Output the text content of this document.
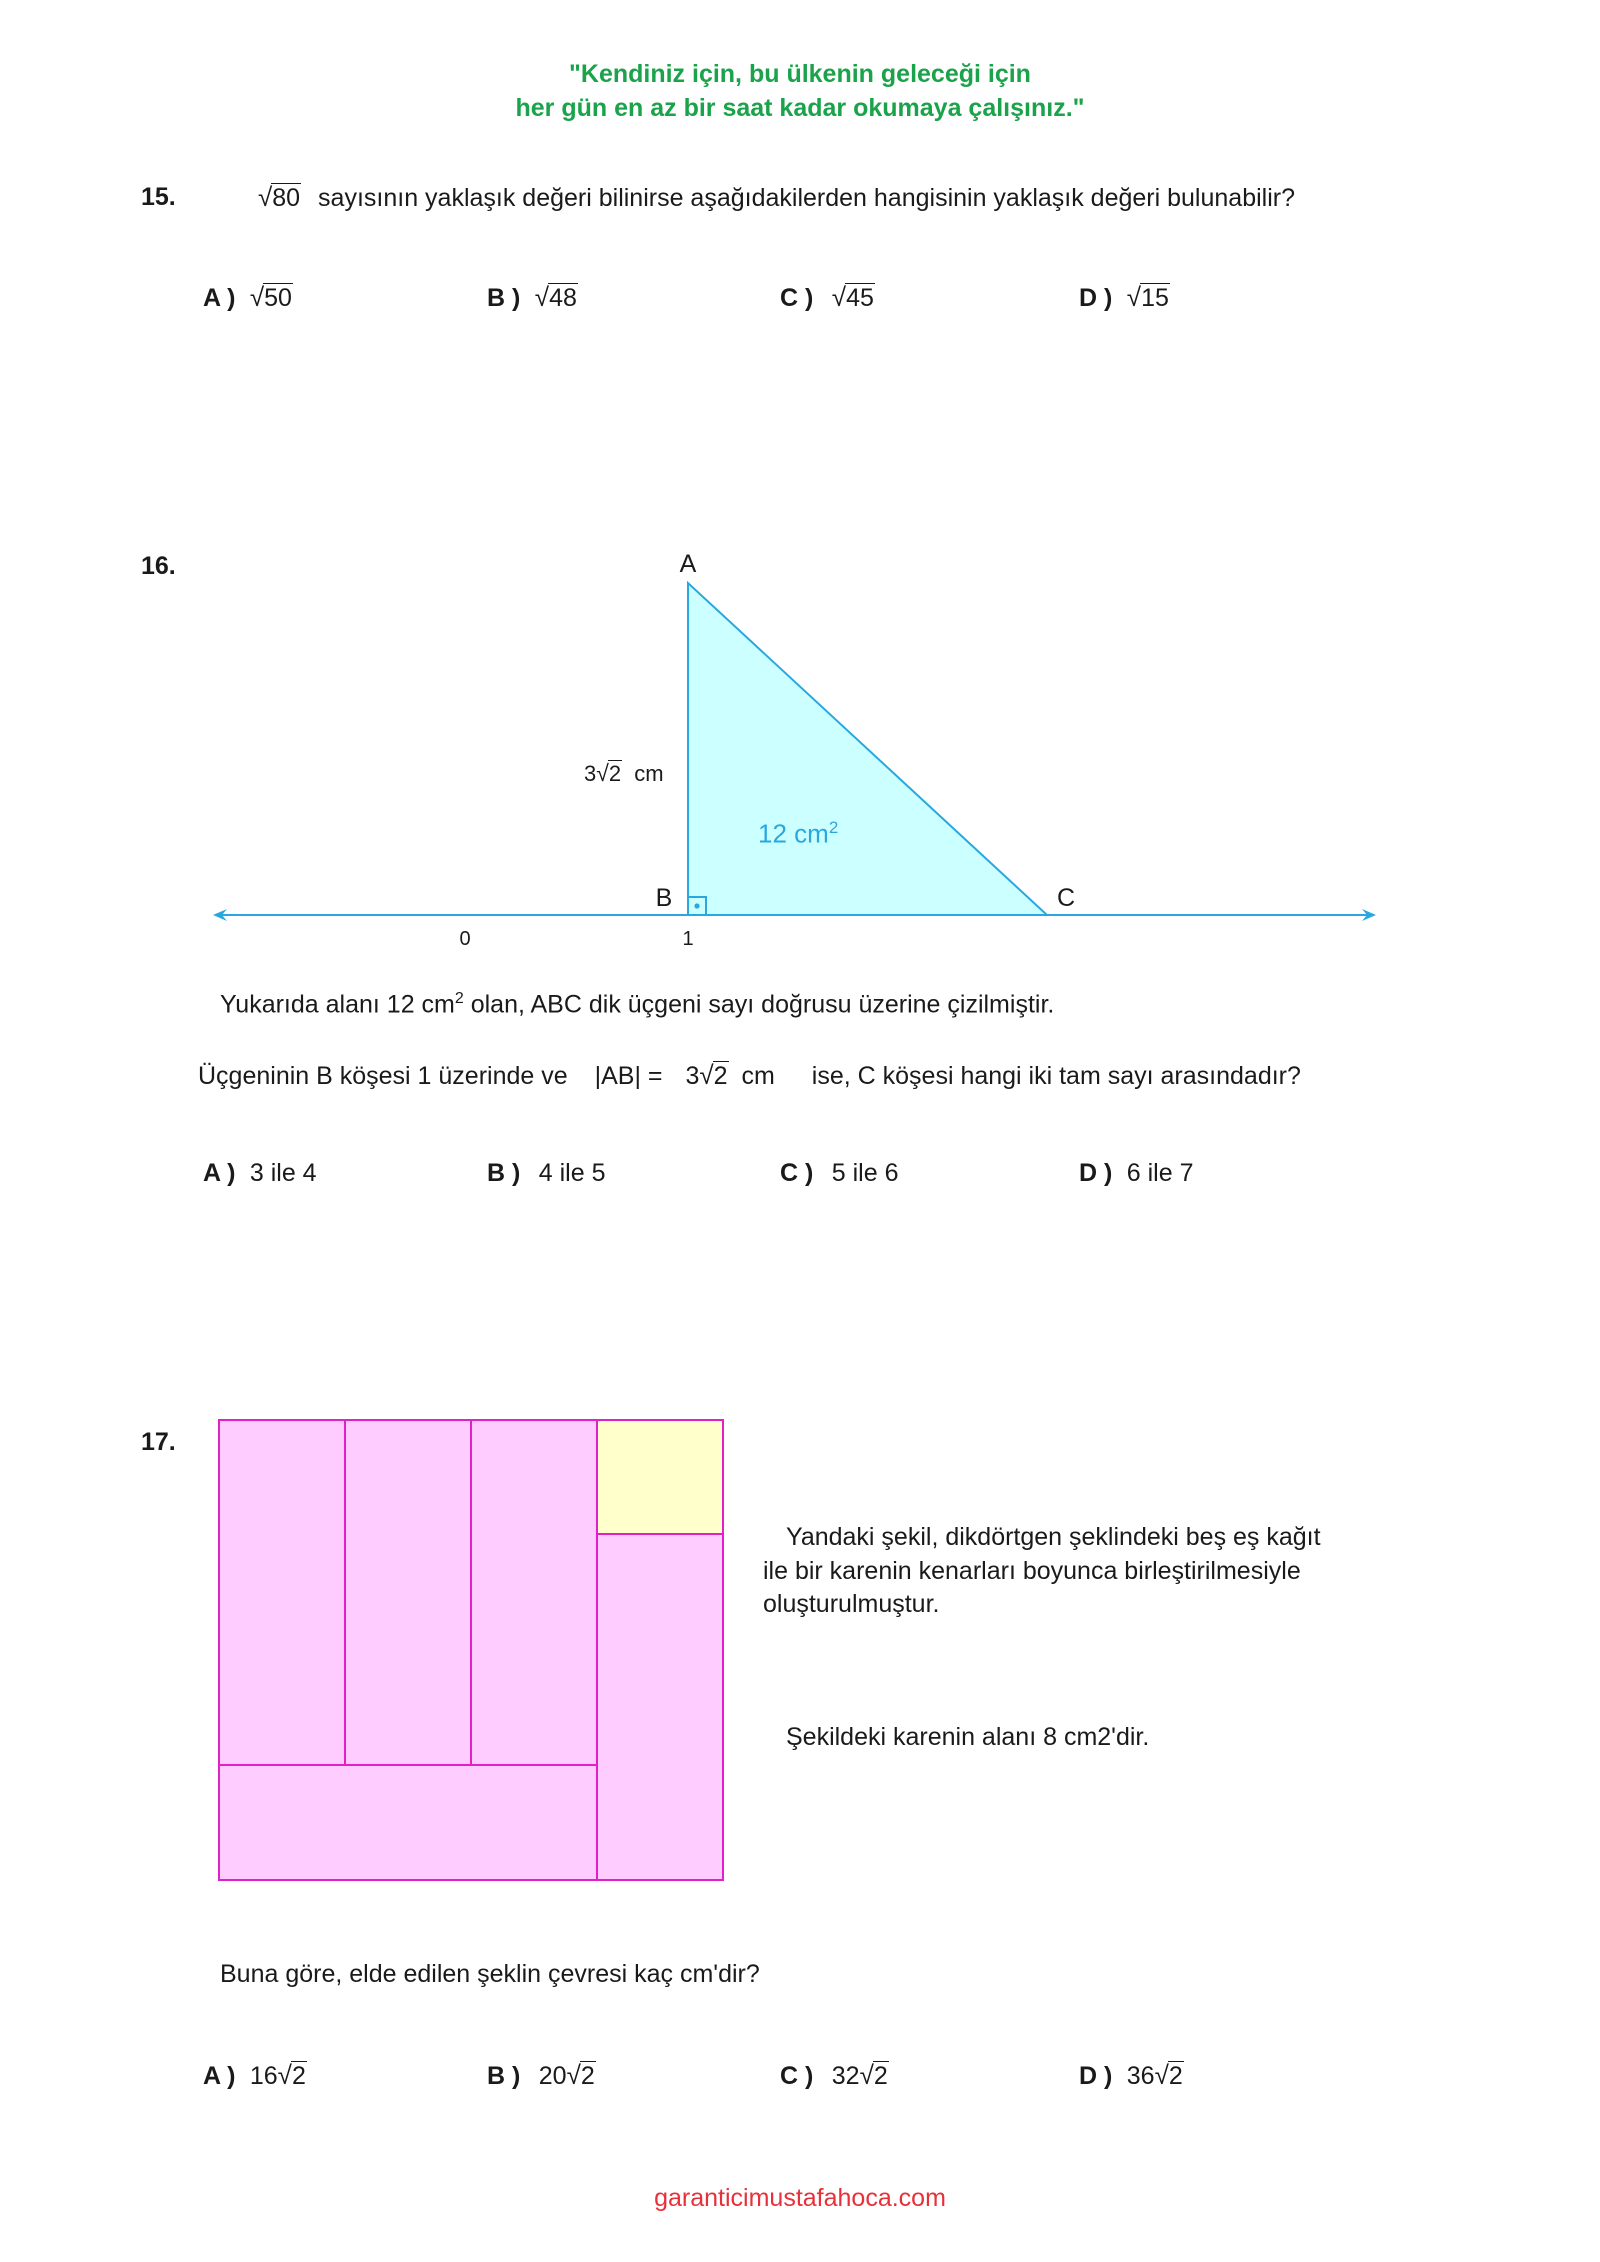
"Kendiniz için, bu ülkenin geleceği için
her gün en az bir saat kadar okumaya çalışınız."
15.	√80 sayısının yaklaşık değeri bilinirse aşağıdakilerden hangisinin yaklaşık değeri bulunabilir?
A ) √50	B ) √48	C ) √45	D ) √15
16.	A
B	C
0	1
3√2 cm
12 $cm^2$
Yukarıda alanı 12 $cm^2$ olan, ABC dik üçgeni sayı doğrusu üzerine çizilmiştir.
Üçgeninin B köşesi 1 üzerinde ve |AB| = 3√2 cm ise, C köşesi hangi iki tam sayı arasındadır?
A ) 3 ile 4	B ) 4 ile 5	C ) 5 ile 6	D ) 6 ile 7
17.
Yandaki şekil, dikdörtgen şeklindeki beş eş kağıt
ile bir karenin kenarları boyunca birleştirilmesiyle
oluşturulmuştur.
Şekildeki karenin alanı 8 cm2'dir.
Buna göre, elde edilen şeklin çevresi kaç cm'dir?
A ) 16√2	B ) 20√2	C ) 32√2	D ) 36√2
garanticimustafahoca.com
